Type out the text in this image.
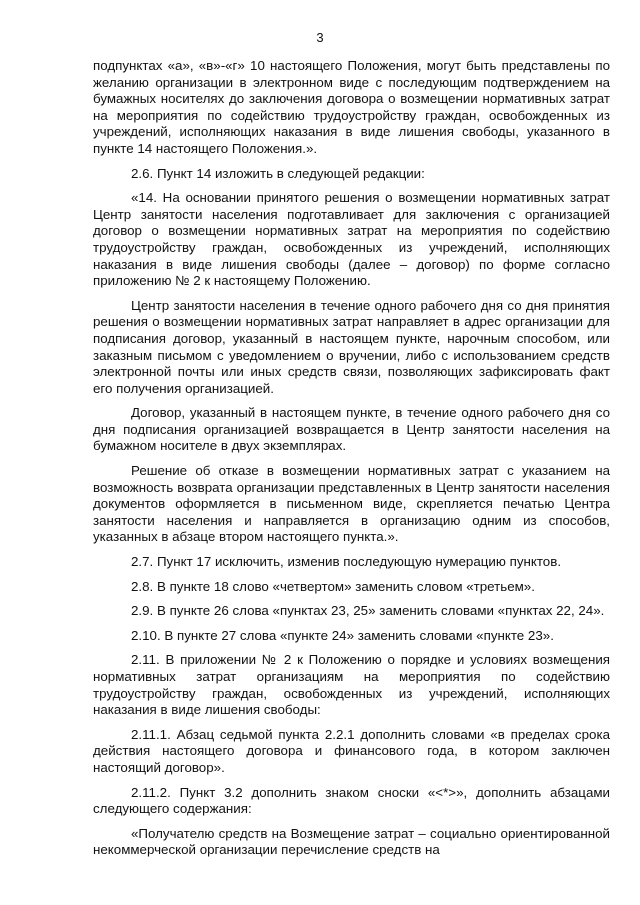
3

подпунктах «а», «в»-«г» 10 настоящего Положения, могут быть представлены по желанию организации в электронном виде с последующим подтверждением на бумажных носителях до заключения договора о возмещении нормативных затрат на мероприятия по содействию трудоустройству граждан, освобожденных из учреждений, исполняющих наказания в виде лишения свободы, указанного в пункте 14 настоящего Положения.».

2.6. Пункт 14 изложить в следующей редакции:

«14. На основании принятого решения о возмещении нормативных затрат Центр занятости населения подготавливает для заключения с организацией договор о возмещении нормативных затрат на мероприятия по содействию трудоустройству граждан, освобожденных из учреждений, исполняющих наказания в виде лишения свободы (далее – договор) по форме согласно приложению № 2 к настоящему Положению.

Центр занятости населения в течение одного рабочего дня со дня принятия решения о возмещении нормативных затрат направляет в адрес организации для подписания договор, указанный в настоящем пункте, нарочным способом, или заказным письмом с уведомлением о вручении, либо с использованием средств электронной почты или иных средств связи, позволяющих зафиксировать факт его получения организацией.

Договор, указанный в настоящем пункте, в течение одного рабочего дня со дня подписания организацией возвращается в Центр занятости населения на бумажном носителе в двух экземплярах.

Решение об отказе в возмещении нормативных затрат с указанием на возможность возврата организации представленных в Центр занятости населения документов оформляется в письменном виде, скрепляется печатью Центра занятости населения и направляется в организацию одним из способов, указанных в абзаце втором настоящего пункта.».

2.7. Пункт 17 исключить, изменив последующую нумерацию пунктов.

2.8. В пункте 18 слово «четвертом» заменить словом «третьем».

2.9. В пункте 26 слова «пунктах 23, 25» заменить словами «пунктах 22, 24».

2.10. В пункте 27 слова «пункте 24» заменить словами «пункте 23».

2.11. В приложении № 2 к Положению о порядке и условиях возмещения нормативных затрат организациям на мероприятия по содействию трудоустройству граждан, освобожденных из учреждений, исполняющих наказания в виде лишения свободы:

2.11.1. Абзац седьмой пункта 2.2.1 дополнить словами «в пределах срока действия настоящего договора и финансового года, в котором заключен настоящий договор».

2.11.2. Пункт 3.2 дополнить знаком сноски «<*>», дополнить абзацами следующего содержания:

«Получателю средств на Возмещение затрат – социально ориентированной некоммерческой организации перечисление средств на
